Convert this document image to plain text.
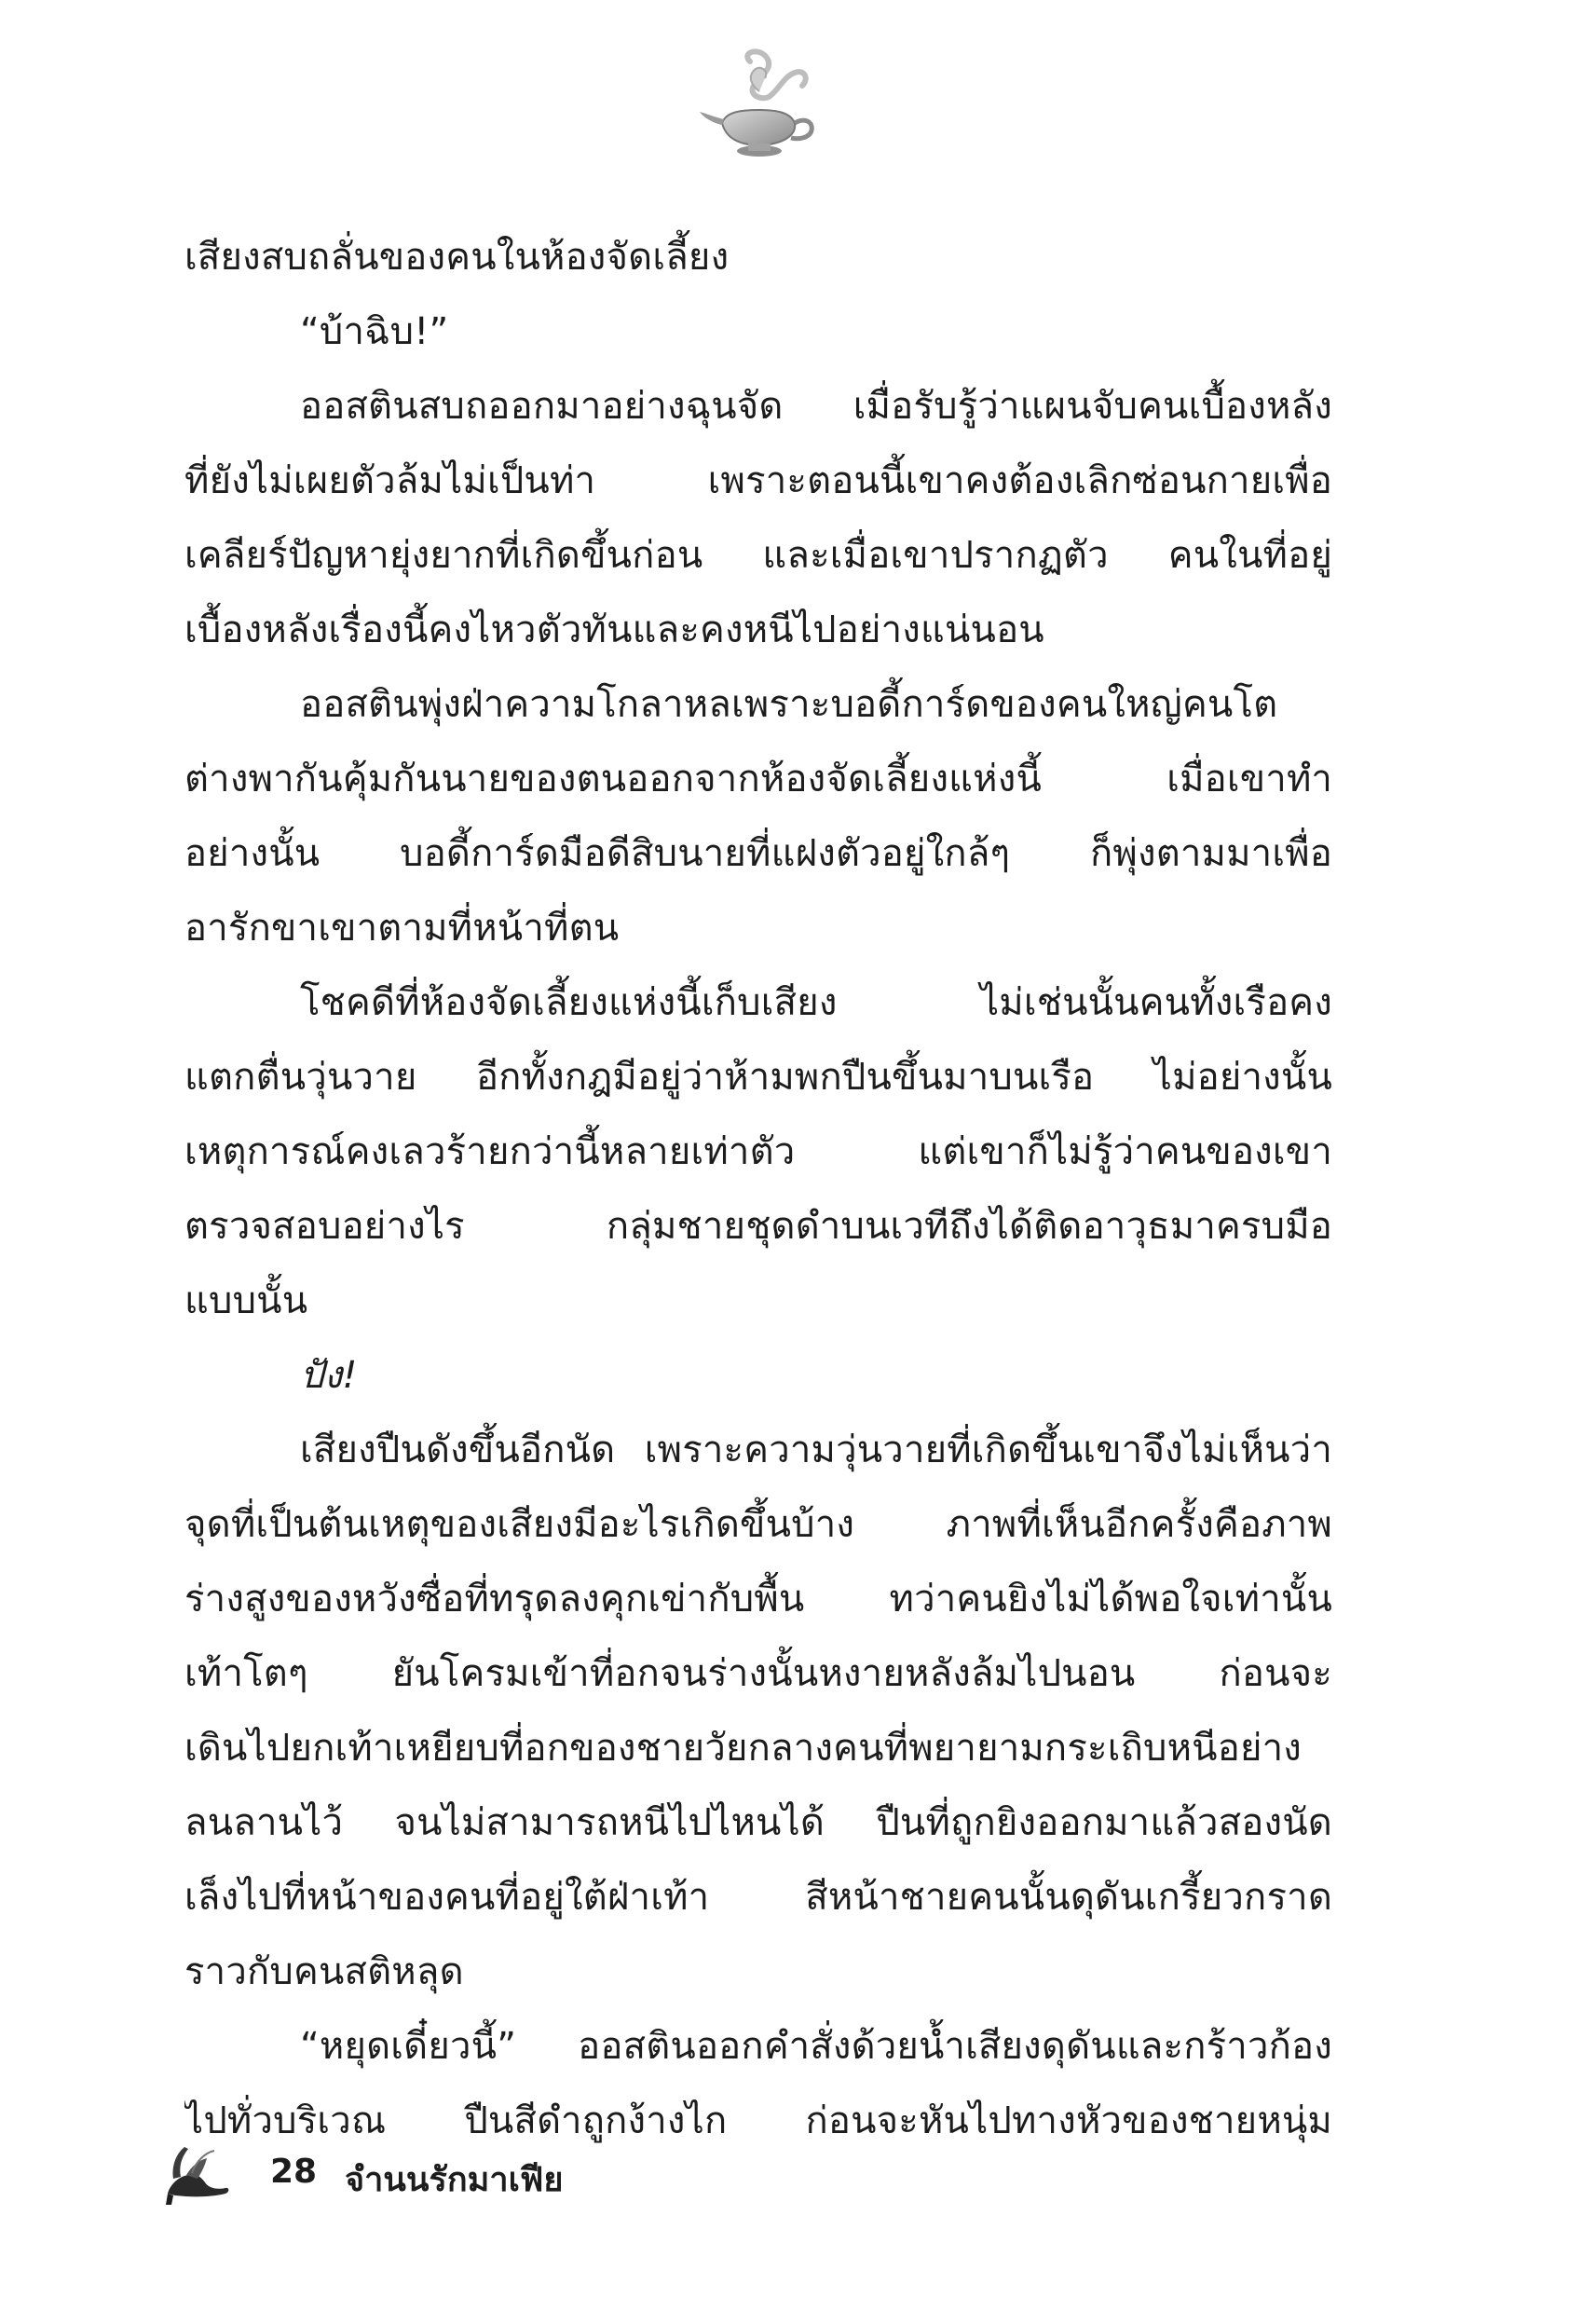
เสียงสบถลั่นของคนในห้องจัดเลี้ยง
“บ้าฉิบ!”
ออสตินสบถออกมาอย่างฉุนจัด เมื่อรับรู้ว่าแผนจับคนเบื้องหลัง
ที่ยังไม่เผยตัวล้มไม่เป็นท่า เพราะตอนนี้เขาคงต้องเลิกซ่อนกายเพื่อ
เคลียร์ปัญหายุ่งยากที่เกิดขึ้นก่อน และเมื่อเขาปรากฏตัว คนในที่อยู่
เบื้องหลังเรื่องนี้คงไหวตัวทันและคงหนีไปอย่างแน่นอน
ออสตินพุ่งฝ่าความโกลาหลเพราะบอดี้การ์ดของคนใหญ่คนโต
ต่างพากันคุ้มกันนายของตนออกจากห้องจัดเลี้ยงแห่งนี้ เมื่อเขาทำ
อย่างนั้น บอดี้การ์ดมือดีสิบนายที่แฝงตัวอยู่ใกล้ๆ ก็พุ่งตามมาเพื่อ
อารักขาเขาตามที่หน้าที่ตน
โชคดีที่ห้องจัดเลี้ยงแห่งนี้เก็บเสียง ไม่เช่นนั้นคนทั้งเรือคง
แตกตื่นวุ่นวาย อีกทั้งกฎมีอยู่ว่าห้ามพกปืนขึ้นมาบนเรือ ไม่อย่างนั้น
เหตุการณ์คงเลวร้ายกว่านี้หลายเท่าตัว แต่เขาก็ไม่รู้ว่าคนของเขา
ตรวจสอบอย่างไร กลุ่มชายชุดดำบนเวทีถึงได้ติดอาวุธมาครบมือ
แบบนั้น
ปัง!
เสียงปืนดังขึ้นอีกนัด เพราะความวุ่นวายที่เกิดขึ้นเขาจึงไม่เห็นว่า
จุดที่เป็นต้นเหตุของเสียงมีอะไรเกิดขึ้นบ้าง ภาพที่เห็นอีกครั้งคือภาพ
ร่างสูงของหวังซื่อที่ทรุดลงคุกเข่ากับพื้น ทว่าคนยิงไม่ได้พอใจเท่านั้น
เท้าโตๆ ยันโครมเข้าที่อกจนร่างนั้นหงายหลังล้มไปนอน ก่อนจะ
เดินไปยกเท้าเหยียบที่อกของชายวัยกลางคนที่พยายามกระเถิบหนีอย่าง
ลนลานไว้ จนไม่สามารถหนีไปไหนได้ ปืนที่ถูกยิงออกมาแล้วสองนัด
เล็งไปที่หน้าของคนที่อยู่ใต้ฝ่าเท้า สีหน้าชายคนนั้นดุดันเกรี้ยวกราด
ราวกับคนสติหลุด
“หยุดเดี๋ยวนี้” ออสตินออกคำสั่งด้วยน้ำเสียงดุดันและกร้าวก้อง
ไปทั่วบริเวณ ปืนสีดำถูกง้างไก ก่อนจะหันไปทางหัวของชายหนุ่ม
28 จำนนรักมาเฟีย
